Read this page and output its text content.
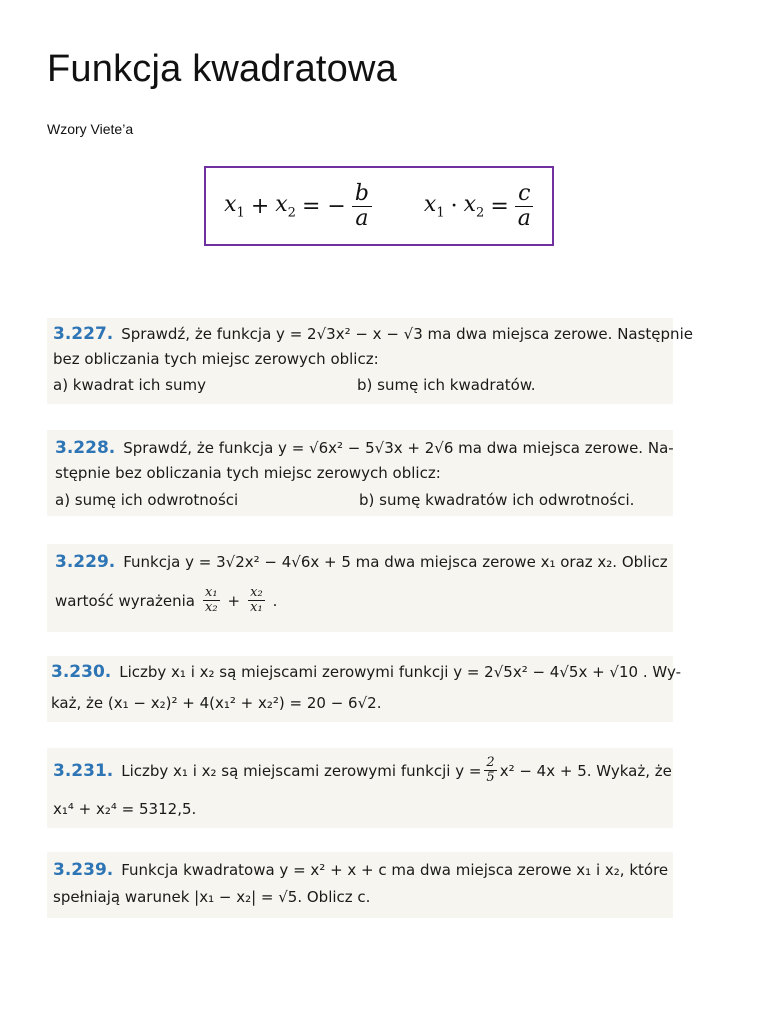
Funkcja kwadratowa
Wzory Viete’a
$x_1 + x_2$ = − $\frac{b}{a} x_1 \cdot x_2 = \frac{c}{a}$
3.227. Sprawdź, że funkcja y = 2√3x² − x − √3 ma dwa miejsca zerowe. Następnie
bez obliczania tych miejsc zerowych oblicz:
a) kwadrat ich sumy	b) sumę ich kwadratów.
3.228. Sprawdź, że funkcja y = √6x² − 5√3x + 2√6 ma dwa miejsca zerowe. Na-
stępnie bez obliczania tych miejsc zerowych oblicz:
a) sumę ich odwrotności	b) sumę kwadratów ich odwrotności.
3.229. Funkcja y = 3√2x² − 4√6x + 5 ma dwa miejsca zerowe x₁ oraz x₂. Oblicz
wartość wyrażenia x₁
$x_2 + \frac{\text{x₂}}{\text{x₁}}$ .
3.230. Liczby x₁ i x₂ są miejscami zerowymi funkcji y = 2√5x² − 4√5x + √10 . Wy-
każ, że (x₁ − x₂)² + 4(x₁² + x₂²) = 20 − 6√2.
3.231. Liczby x₁ i x₂ są miejscami zerowymi funkcji $y = \frac{2}{5} x^2 - 4x + 5$. Wykaż, że
x₁⁴ + x₂⁴ = 5312,5.
3.239. Funkcja kwadratowa y = x² + x + c ma dwa miejsca zerowe x₁ i x₂, które
spełniają warunek |x₁ − x₂| = √5. Oblicz c.
